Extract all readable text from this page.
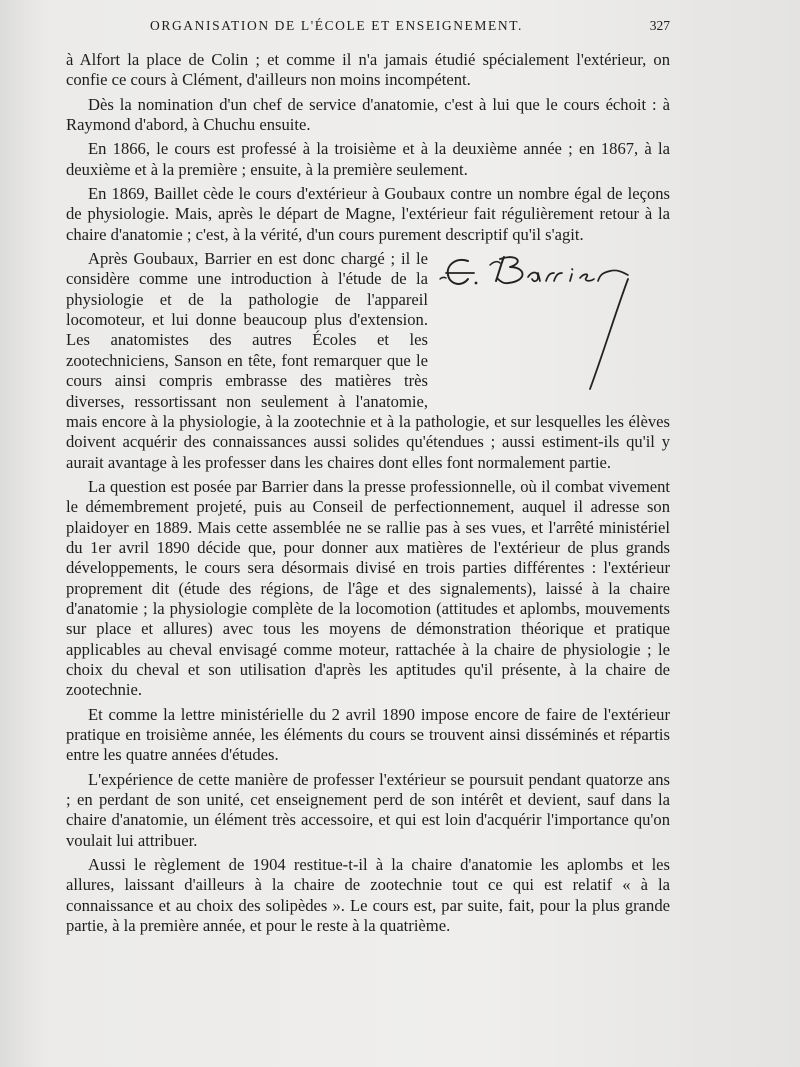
ORGANISATION DE L'ÉCOLE ET ENSEIGNEMENT.	327

à Alfort la place de Colin ; et comme il n'a jamais étudié spécialement l'extérieur, on confie ce cours à Clément, d'ailleurs non moins incompétent.

Dès la nomination d'un chef de service d'anatomie, c'est à lui que le cours échoit : à Raymond d'abord, à Chuchu ensuite.

En 1866, le cours est professé à la troisième et à la deuxième année ; en 1867, à la deuxième et à la première ; ensuite, à la première seulement.

En 1869, Baillet cède le cours d'extérieur à Goubaux contre un nombre égal de leçons de physiologie. Mais, après le départ de Magne, l'extérieur fait régulièrement retour à la chaire d'anatomie ; c'est, à la vérité, d'un cours purement descriptif qu'il s'agit.

Après Goubaux, Barrier en est donc chargé ; il le considère comme une introduction à l'étude de la physiologie et de la pathologie de l'appareil locomoteur, et lui donne beaucoup plus d'extension. Les anatomistes des autres Écoles et les zootechniciens, Sanson en tête, font remarquer que le cours ainsi compris embrasse des matières très diverses, ressortissant non seulement à l'anatomie, mais encore à la physiologie, à la zootechnie et à la pathologie, et sur lesquelles les élèves doivent acquérir des connaissances aussi solides qu'étendues ; aussi estiment-ils qu'il y aurait avantage à les professer dans les chaires dont elles font normalement partie.

La question est posée par Barrier dans la presse professionnelle, où il combat vivement le démembrement projeté, puis au Conseil de perfectionnement, auquel il adresse son plaidoyer en 1889. Mais cette assemblée ne se rallie pas à ses vues, et l'arrêté ministériel du 1er avril 1890 décide que, pour donner aux matières de l'extérieur de plus grands développements, le cours sera désormais divisé en trois parties différentes : l'extérieur proprement dit (étude des régions, de l'âge et des signalements), laissé à la chaire d'anatomie ; la physiologie complète de la locomotion (attitudes et aplombs, mouvements sur place et allures) avec tous les moyens de démonstration théorique et pratique applicables au cheval envisagé comme moteur, rattachée à la chaire de physiologie ; le choix du cheval et son utilisation d'après les aptitudes qu'il présente, à la chaire de zootechnie.

Et comme la lettre ministérielle du 2 avril 1890 impose encore de faire de l'extérieur pratique en troisième année, les éléments du cours se trouvent ainsi disséminés et répartis entre les quatre années d'études.

L'expérience de cette manière de professer l'extérieur se poursuit pendant quatorze ans ; en perdant de son unité, cet enseignement perd de son intérêt et devient, sauf dans la chaire d'anatomie, un élément très accessoire, et qui est loin d'acquérir l'importance qu'on voulait lui attribuer.

Aussi le règlement de 1904 restitue-t-il à la chaire d'anatomie les aplombs et les allures, laissant d'ailleurs à la chaire de zootechnie tout ce qui est relatif « à la connaissance et au choix des solipèdes ». Le cours est, par suite, fait, pour la plus grande partie, à la première année, et pour le reste à la quatrième.
